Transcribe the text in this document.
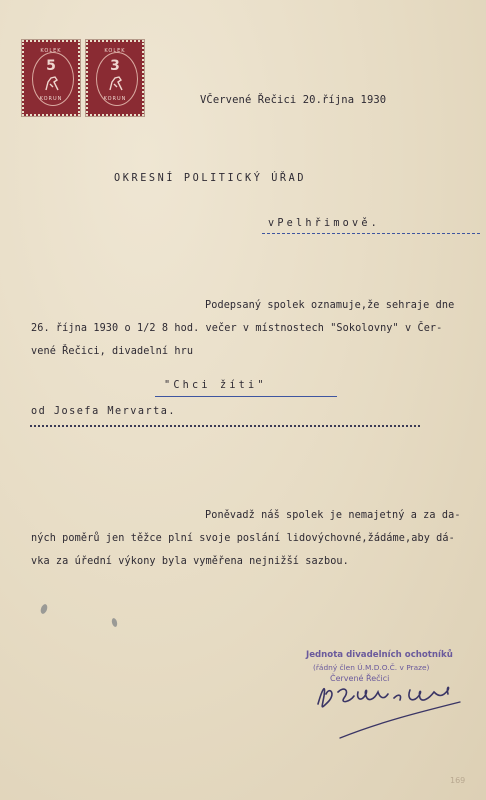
KOLEK
5
KORUN
KOLEK
3
KORUN	VČervené Řečici 20.října 1930
OKRESNÍ POLITICKÝ ÚŘAD
vPelhřimově.
Podepsaný spolek oznamuje,že sehraje dne
26. října 1930 o 1/2 8 hod. večer v místnostech "Sokolovny" v Čer-
vené Řečici, divadelní hru
"Chci žíti"
od Josefa Mervarta.
Poněvadž náš spolek je nemajetný a za da-
ných poměrů jen těžce plní svoje poslání lidovýchovné,žádáme,aby dá-
vka za úřední výkony byla vyměřena nejnižší sazbou.
Jednota divadelních ochotníků
(řádný člen Ú.M.D.O.Č. v Praze)
Červené Řečici
169
